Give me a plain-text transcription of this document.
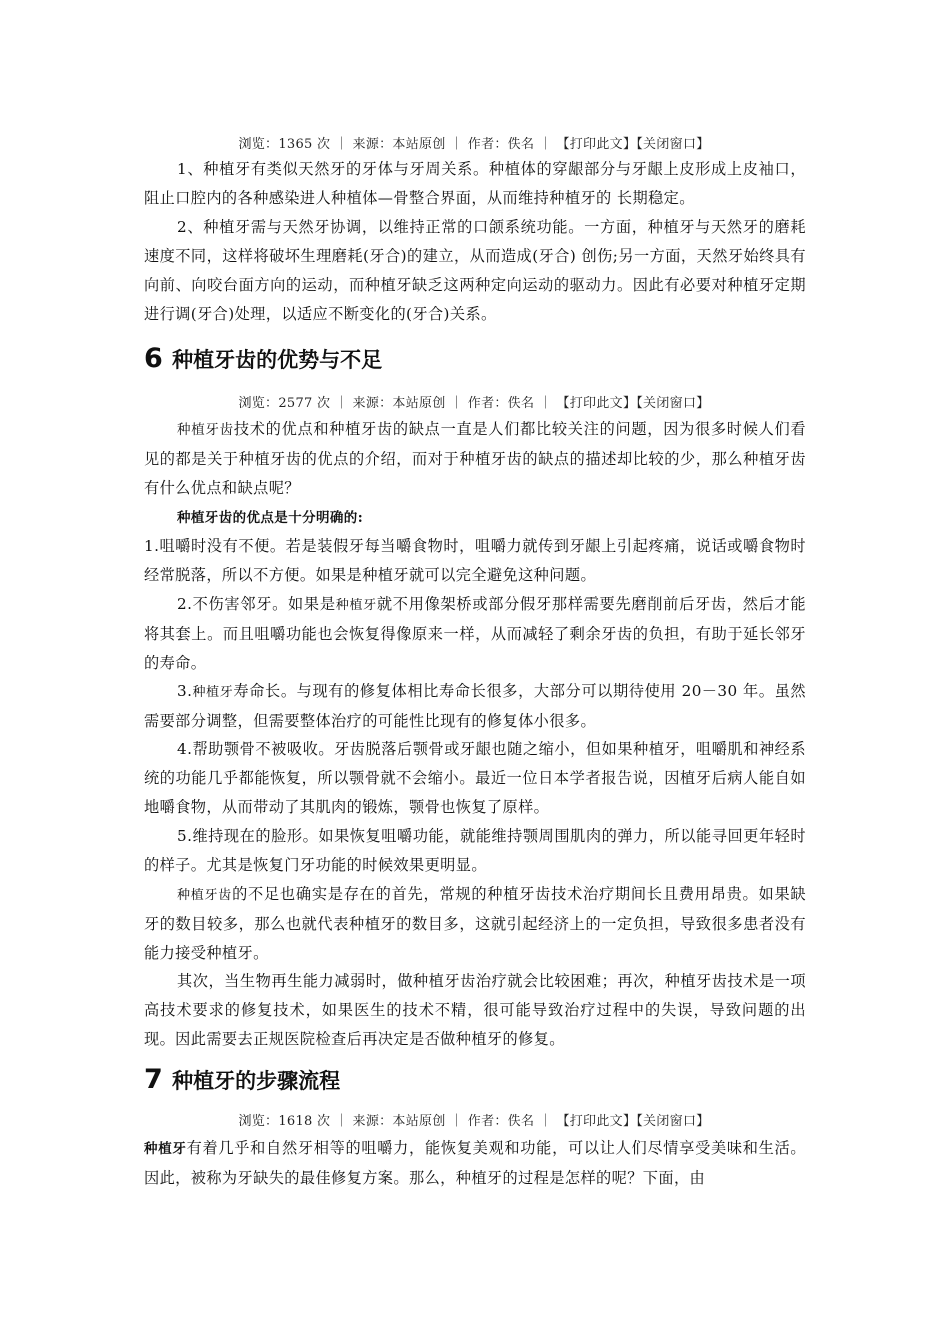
浏览：1365 次 ｜ 来源：本站原创 ｜ 作者：佚名 ｜ 【打印此文】【关闭窗口】

1、种植牙有类似天然牙的牙体与牙周关系。种植体的穿龈部分与牙龈上皮形成上皮袖口，阻止口腔内的各种感染进人种植体—骨整合界面，从而维持种植牙的 长期稳定。

2、种植牙需与天然牙协调，以维持正常的口颌系统功能。一方面，种植牙与天然牙的磨耗速度不同，这样将破坏生理磨耗(牙合)的建立，从而造成(牙合) 创伤;另一方面，天然牙始终具有向前、向咬台面方向的运动，而种植牙缺乏这两种定向运动的驱动力。因此有必要对种植牙定期进行调(牙合)处理，以适应不断变化的(牙合)关系。

6 种植牙齿的优势与不足
浏览：2577 次 ｜ 来源：本站原创 ｜ 作者：佚名 ｜ 【打印此文】【关闭窗口】

种植牙齿技术的优点和种植牙齿的缺点一直是人们都比较关注的问题，因为很多时候人们看见的都是关于种植牙齿的优点的介绍，而对于种植牙齿的缺点的描述却比较的少，那么种植牙齿有什么优点和缺点呢？

种植牙齿的优点是十分明确的:

1.咀嚼时没有不便。若是装假牙每当嚼食物时，咀嚼力就传到牙龈上引起疼痛，说话或嚼食物时经常脱落，所以不方便。如果是种植牙就可以完全避免这种问题。

2.不伤害邻牙。如果是种植牙就不用像架桥或部分假牙那样需要先磨削前后牙齿，然后才能将其套上。而且咀嚼功能也会恢复得像原来一样，从而减轻了剩余牙齿的负担，有助于延长邻牙的寿命。

3.种植牙寿命长。与现有的修复体相比寿命长很多，大部分可以期待使用 20－30 年。虽然需要部分调整，但需要整体治疗的可能性比现有的修复体小很多。

4.帮助颚骨不被吸收。牙齿脱落后颚骨或牙龈也随之缩小，但如果种植牙，咀嚼肌和神经系统的功能几乎都能恢复，所以颚骨就不会缩小。最近一位日本学者报告说，因植牙后病人能自如地嚼食物，从而带动了其肌肉的锻炼，颚骨也恢复了原样。

5.维持现在的脸形。如果恢复咀嚼功能，就能维持颚周围肌肉的弹力，所以能寻回更年轻时的样子。尤其是恢复门牙功能的时候效果更明显。

种植牙齿的不足也确实是存在的首先，常规的种植牙齿技术治疗期间长且费用昂贵。如果缺牙的数目较多，那么也就代表种植牙的数目多，这就引起经济上的一定负担，导致很多患者没有能力接受种植牙。

其次，当生物再生能力减弱时，做种植牙齿治疗就会比较困难；再次，种植牙齿技术是一项高技术要求的修复技术，如果医生的技术不精，很可能导致治疗过程中的失误，导致问题的出现。因此需要去正规医院检查后再决定是否做种植牙的修复。

7 种植牙的步骤流程
浏览：1618 次 ｜ 来源：本站原创 ｜ 作者：佚名 ｜ 【打印此文】【关闭窗口】

种植牙有着几乎和自然牙相等的咀嚼力，能恢复美观和功能，可以让人们尽情享受美味和生活。因此，被称为牙缺失的最佳修复方案。那么，种植牙的过程是怎样的呢？下面，由
